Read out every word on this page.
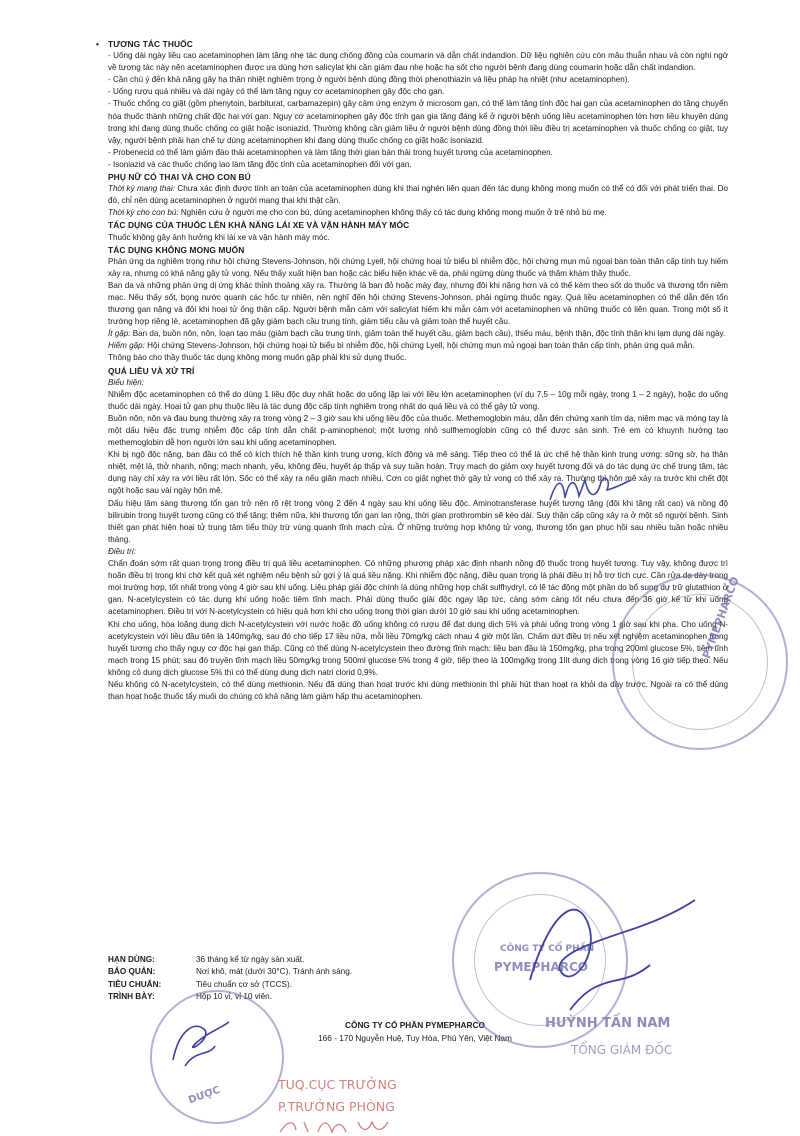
• TƯƠNG TÁC THUỐC

- Uống dài ngày liều cao acetaminophen làm tăng nhẹ tác dụng chống đông của coumarin và dẫn chất indandion. Dữ liệu nghiên cứu còn mâu thuẫn nhau và còn nghi ngờ về tương tác này nên acetaminophen được ưa dùng hơn salicylat khi cần giảm đau nhẹ hoặc hạ sốt cho người bệnh đang dùng coumarin hoặc dẫn chất indandion.

- Cần chú ý đến khả năng gây hạ thân nhiệt nghiêm trọng ở người bệnh dùng đồng thời phenothiazin và liệu pháp hạ nhiệt (như acetaminophen).

- Uống rượu quá nhiều và dài ngày có thể làm tăng nguy cơ acetaminophen gây độc cho gan.

- Thuốc chống co giật (gồm phenytoin, barbiturat, carbamazepin) gây cảm ứng enzym ở microsom gan, có thể làm tăng tính độc hại gan của acetaminophen do tăng chuyển hóa thuốc thành những chất độc hại với gan. Nguy cơ acetaminophen gây độc tính gan gia tăng đáng kể ở người bệnh uống liều acetaminophen lớn hơn liều khuyên dùng trong khi đang dùng thuốc chống co giật hoặc isoniazid. Thường không cần giảm liều ở người bệnh dùng đồng thời liều điều trị acetaminophen và thuốc chống co giật, tuy vậy, người bệnh phải hạn chế tự dùng acetaminophen khi đang dùng thuốc chống co giật hoặc isoniazid.

- Probenecid có thể làm giảm đào thải acetaminophen và làm tăng thời gian bán thải trong huyết tương của acetaminophen.

- Isoniazid và các thuốc chống lao làm tăng độc tính của acetaminophen đối với gan.

PHỤ NỮ CÓ THAI VÀ CHO CON BÚ

Thời kỳ mang thai: Chưa xác định được tính an toàn của acetaminophen dùng khi thai nghén liên quan đến tác dụng không mong muốn có thể có đối với phát triển thai. Do đó, chỉ nên dùng acetaminophen ở người mang thai khi thật cần.

Thời kỳ cho con bú: Nghiên cứu ở người mẹ cho con bú, dùng acetaminophen không thấy có tác dụng không mong muốn ở trẻ nhỏ bú mẹ.

TÁC DỤNG CỦA THUỐC LÊN KHẢ NĂNG LÁI XE VÀ VẬN HÀNH MÁY MÓC

Thuốc không gây ảnh hưởng khi lái xe và vận hành máy móc.

TÁC DỤNG KHÔNG MONG MUỐN

Phản ứng da nghiêm trọng như hội chứng Stevens-Johnson, hội chứng Lyell, hội chứng hoại tử biểu bì nhiễm độc, hội chứng mụn mủ ngoại ban toàn thân cấp tính tuy hiếm xảy ra, nhưng có khả năng gây tử vong. Nếu thấy xuất hiện ban hoặc các biểu hiện khác về da, phải ngừng dùng thuốc và thăm khám thầy thuốc.

Ban da và những phản ứng dị ứng khác thỉnh thoảng xảy ra. Thường là ban đỏ hoặc mày đay, nhưng đôi khi nặng hơn và có thể kèm theo sốt do thuốc và thương tổn niêm mạc. Nếu thấy sốt, bọng nước quanh các hốc tự nhiên, nên nghĩ đến hội chứng Stevens-Johnson, phải ngừng thuốc ngay. Quá liều acetaminophen có thể dẫn đến tổn thương gan nặng và đôi khi hoại tử ống thận cấp. Người bệnh mẫn cảm với salicylat hiếm khi mẫn cảm với acetaminophen và những thuốc có liên quan. Trong một số ít trường hợp riêng lẻ, acetaminophen đã gây giảm bạch cầu trung tính, giảm tiểu cầu và giảm toàn thể huyết cầu.

Ít gặp: Ban da, buồn nôn, nôn, loạn tạo máu (giảm bạch cầu trung tính, giảm toàn thể huyết cầu, giảm bạch cầu), thiếu máu, bệnh thận, độc tính thận khi lạm dụng dài ngày.

Hiếm gặp: Hội chứng Stevens-Johnson, hội chứng hoại tử biểu bì nhiễm độc, hội chứng Lyell, hội chứng mụn mủ ngoại ban toàn thân cấp tính, phản ứng quá mẫn.

Thông báo cho thầy thuốc tác dụng không mong muốn gặp phải khi sử dụng thuốc.

QUÁ LIỀU VÀ XỬ TRÍ

Biểu hiện:

Nhiễm độc acetaminophen có thể do dùng 1 liều độc duy nhất hoặc do uống lặp lại với liều lớn acetaminophen (ví dụ 7,5 – 10g mỗi ngày, trong 1 – 2 ngày), hoặc do uống thuốc dài ngày. Hoại tử gan phụ thuộc liều là tác dụng độc cấp tính nghiêm trọng nhất do quá liều và có thể gây tử vong.

Buồn nôn, nôn và đau bụng thường xảy ra trong vòng 2 – 3 giờ sau khi uống liều độc của thuốc. Methemoglobin máu, dẫn đến chứng xanh tím da, niêm mạc và móng tay là một dấu hiệu đặc trưng nhiễm độc cấp tính dẫn chất p-aminophenol; một lượng nhỏ sulfhemoglobin cũng có thể được sản sinh. Trẻ em có khuynh hướng tạo methemoglobin dễ hơn người lớn sau khi uống acetaminophen.

Khi bị ngộ độc nặng, ban đầu có thể có kích thích hệ thần kinh trung ương, kích động và mê sảng. Tiếp theo có thể là ức chế hệ thần kinh trung ương: sững sờ, hạ thân nhiệt, mệt lả, thở nhanh, nông; mạch nhanh, yếu, không đều, huyết áp thấp và suy tuần hoàn. Trụy mạch do giảm oxy huyết tương đối và do tác dụng ức chế trung tâm, tác dụng này chỉ xảy ra với liều rất lớn. Sốc có thể xảy ra nếu giãn mạch nhiều. Cơn co giật nghẹt thở gây tử vong có thể xảy ra. Thường thì hôn mê xảy ra trước khi chết đột ngột hoặc sau vài ngày hôn mê.

Dấu hiệu lâm sàng thương tổn gan trở nên rõ rệt trong vòng 2 đến 4 ngày sau khi uống liều độc. Aminotransferase huyết tương tăng (đôi khi tăng rất cao) và nồng độ bilirubin trong huyết tương cũng có thể tăng; thêm nữa, khi thương tổn gan lan rộng, thời gian prothrombin sẽ kéo dài. Suy thận cấp cũng xảy ra ở một số người bệnh. Sinh thiết gan phát hiện hoại tử trung tâm tiểu thùy trừ vùng quanh tĩnh mạch cửa. Ở những trường hợp không tử vong, thương tổn gan phục hồi sau nhiều tuần hoặc nhiều tháng.

Điều trị:

Chẩn đoán sớm rất quan trọng trong điều trị quá liều acetaminophen. Có những phương pháp xác định nhanh nồng độ thuốc trong huyết tương. Tuy vậy, không được trì hoãn điều trị trong khi chờ kết quả xét nghiệm nếu bệnh sử gợi ý là quá liều nặng. Khi nhiễm độc nặng, điều quan trọng là phải điều trị hỗ trợ tích cực. Cần rửa dạ dày trong mọi trường hợp, tốt nhất trong vòng 4 giờ sau khi uống. Liệu pháp giải độc chính là dùng những hợp chất sulfhydryl, có lẽ tác động một phần do bổ sung dự trữ glutathion ở gan. N-acetylcystein có tác dụng khi uống hoặc tiêm tĩnh mạch. Phải dùng thuốc giải độc ngay lập tức, càng sớm càng tốt nếu chưa đến 36 giờ kể từ khi uống acetaminophen. Điều trị với N-acetylcystein có hiệu quả hơn khi cho uống trong thời gian dưới 10 giờ sau khi uống acetaminophen.

Khi cho uống, hòa loãng dung dịch N-acetylcystein với nước hoặc đồ uống không có rượu để đạt dung dịch 5% và phải uống trong vòng 1 giờ sau khi pha. Cho uống N-acetylcystein với liều đầu tiên là 140mg/kg, sau đó cho tiếp 17 liều nữa, mỗi liều 70mg/kg cách nhau 4 giờ một lần. Chấm dứt điều trị nếu xét nghiệm acetaminophen trong huyết tương cho thấy nguy cơ độc hại gan thấp. Cũng có thể dùng N-acetylcystein theo đường tĩnh mạch: liều ban đầu là 150mg/kg, pha trong 200ml glucose 5%, tiêm tĩnh mạch trong 15 phút; sau đó truyền tĩnh mạch liều 50mg/kg trong 500ml glucose 5% trong 4 giờ, tiếp theo là 100mg/kg trong 1lít dung dịch trong vòng 16 giờ tiếp theo. Nếu không có dung dịch glucose 5% thì có thể dùng dung dịch natri clorid 0,9%.

Nếu không có N-acetylcystein, có thể dùng methionin. Nếu đã dùng than hoạt trước khi dùng methionin thì phải hút than hoạt ra khỏi dạ dày trước. Ngoài ra có thể dùng than hoạt hoặc thuốc tẩy muối do chúng có khả năng làm giảm hấp thu acetaminophen.

HẠN DÙNG:	36 tháng kể từ ngày sản xuất.
BẢO QUẢN:	Nơi khô, mát (dưới 30°C). Tránh ánh sáng.
TIÊU CHUẨN:	Tiêu chuẩn cơ sở (TCCS).
TRÌNH BÀY:	Hộp 10 vỉ, vỉ 10 viên.
CÔNG TY CỔ PHẦN PYMEPHARCO
166 - 170 Nguyễn Huệ, Tuy Hòa, Phú Yên, Việt Nam
PYMEPHARCO
CÔNG TY CỔ PHẦN
PYMEPHARCO
DƯỢC
HUỲNH TẤN NAM
TỔNG GIÁM ĐỐC
TUQ.CỤC TRƯỞNG
P.TRƯỞNG PHÒNG
